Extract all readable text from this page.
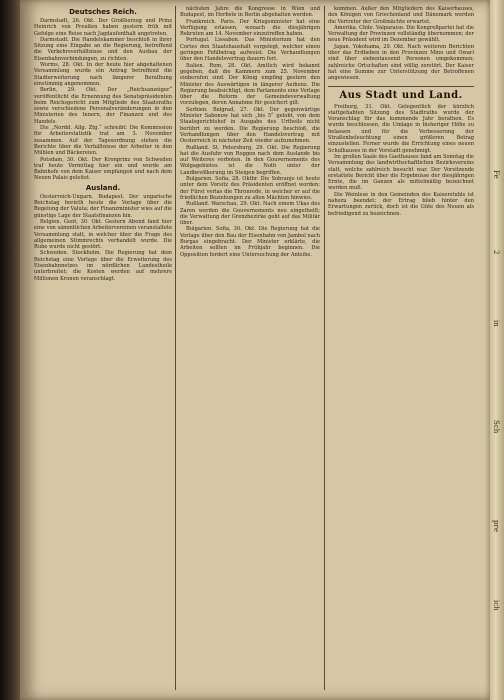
Deutsches Reich.

Darmstadt, 26. Okt. Der Großherzog und Prinz Heinrich von Preußen haben gestern früh mit Gefolge eine Reise nach Jagdaufenthalt angetreten.

Darmstadt. Die Handelskammer beschloß in ihrer Sitzung eine Eingabe an die Regierung, betreffend die Verkehrsverhältnisse und den Ausbau der Eisenbahnverbindungen, zu richten.

Worms, 28. Okt. In der heute hier abgehaltenen Versammlung wurde ein Antrag betreffend die Stadterweiterung nach längerer Berathung einstimmig angenommen.

Berlin, 29. Okt. Der „Reichsanzeiger“ veröffentlicht die Ernennung des Senatspräsidenten beim Reichsgericht zum Mitgliede des Staatsraths sowie verschiedene Personalveränderungen in den Ministerien des Innern, der Finanzen und des Handels.

Die „Nordd. Allg. Ztg.“ schreibt: Die Kommission für Arbeiterstatistik trat am 3. November zusammen. Auf der Tagesordnung stehen die Berichte über die Verhältnisse der Arbeiter in den Mühlen und Bäckereien.

Potsdam, 30. Okt. Der Kronprinz von Schweden traf heute Vormittag hier ein und wurde am Bahnhofe von dem Kaiser empfangen und nach dem Neuen Palais geleitet.

Ausland.

Oesterreich-Ungarn. Budapest. Der ungarische Reichstag berieth heute die Vorlage über die Regelung der Valuta; der Finanzminister wies auf die günstige Lage der Staatsfinanzen hin.

Belgien. Gent, 30. Okt. Gestern Abend fand hier eine von sämmtlichen Arbeitervereinen veranstaltete Versammlung statt, in welcher über die Frage des allgemeinen Stimmrechts verhandelt wurde. Die Ruhe wurde nicht gestört.

Schweden. Stockholm. Die Regierung hat dem Reichstag eine Vorlage über die Erweiterung des Eisenbahnnetzes im nördlichen Landestheile unterbreitet; die Kosten werden auf mehrere Millionen Kronen veranschlagt.

nächsten Jahre die Kongresse in Wien und Budapest, im Herbste in Berlin abgehalten werden.

Frankreich. Paris. Der Kriegsminister hat eine Verfügung erlassen, wonach die diesjährigen Rekruten am 14. November einzutreffen haben.

Portugal. Lissabon. Das Ministerium hat den Cortes den Staatshaushalt vorgelegt, welcher einen geringen Fehlbetrag aufweist. Die Verhandlungen über den Handelsvertrag dauern fort.

Italien. Rom, 28. Okt. Amtlich wird bekannt gegeben, daß die Kammern zum 25. November einberufen sind. Der König empfing gestern den Minister des Auswärtigen in längerer Audienz. Die Regierung beabsichtigt, dem Parlamente eine Vorlage über die Reform der Gemeindeverwaltung vorzulegen, deren Annahme für gesichert gilt.

Serbien. Belgrad, 27. Okt. Der gegenwärtige Minister Sabonow hat sich „bis 5“ gelobt, von dem Staatsgerichtshof in Ausgabe des Urtheils nicht berührt zu werden. Die Regierung beschloß, die Verhandlungen über den Handelsvertrag mit Oesterreich in nächster Zeit wieder aufzunehmen.

Rußland. St. Petersburg, 29. Okt. Die Regierung hat die Ausfuhr von Roggen nach dem Auslande bis auf Weiteres verboten. In den Gouvernements des Wolgagebietes ist die Noth unter der Landbevölkerung im Steigen begriffen.

Bulgarien. Sofia, 28. Oktbr. Die Sobranje ist heute unter dem Vorsitz des Präsidenten eröffnet worden; der Fürst verlas die Thronrede, in welcher er auf die friedlichen Beziehungen zu allen Mächten hinwies.

Rußland. Warschau, 29. Okt. Nach einem Ukas des Zaren werden die Gouvernements neu eingetheilt; die Verwaltung der Grenzbezirke geht auf das Militär über.

Bulgarien. Sofia, 30. Okt. Die Regierung hat die Vorlage über den Bau der Eisenbahn von Jambol nach Burgas eingebracht. Der Minister erklärte, die Arbeiten sollten im Frühjahr beginnen. Die Opposition fordert eine Untersuchung der Anleihe.

kommen. Außer den Mitgliedern des Kaiserhauses, den Königen von Griechenland und Dänemark werden die Vertreter der Großmächte erwartet.

Amerika. Chile. Valparaiso. Die Kongreßpartei hat die Verwaltung der Provinzen vollständig übernommen; der neue Präsident wird im Dezember gewählt.

Japan. Yokohama, 29. Okt. Nach weiteren Berichten über das Erdbeben in den Provinzen Mino und Owari sind über siebentausend Personen umgekommen; zahlreiche Ortschaften sind völlig zerstört. Der Kaiser hat eine Summe zur Unterstützung der Betroffenen angewiesen.

Aus Stadt und Land.

Freiburg, 31. Okt. Gelegentlich der kürzlich stattgehabten Sitzung des Stadtraths wurde der Voranschlag für das kommende Jahr berathen. Es wurde beschlossen, die Umlage in bisheriger Höhe zu belassen und für die Verbesserung der Straßenbeleuchtung einen größeren Betrag einzustellen. Ferner wurde die Errichtung eines neuen Schulhauses in der Vorstadt genehmigt.

Im großen Saale des Gasthauses fand am Sonntag die Versammlung des landwirthschaftlichen Bezirksvereins statt, welche zahlreich besucht war. Der Vorsitzende erstattete Bericht über die Ergebnisse der diesjährigen Ernte, die im Ganzen als mittelmäßig bezeichnet werden muß.

Die Weinlese in den Gemeinden des Kaiserstuhls ist nahezu beendet; der Ertrag blieb hinter den Erwartungen zurück, doch ist die Güte des Neuen als befriedigend zu bezeichnen.

Fe
2
in
Sch
pre
ich
